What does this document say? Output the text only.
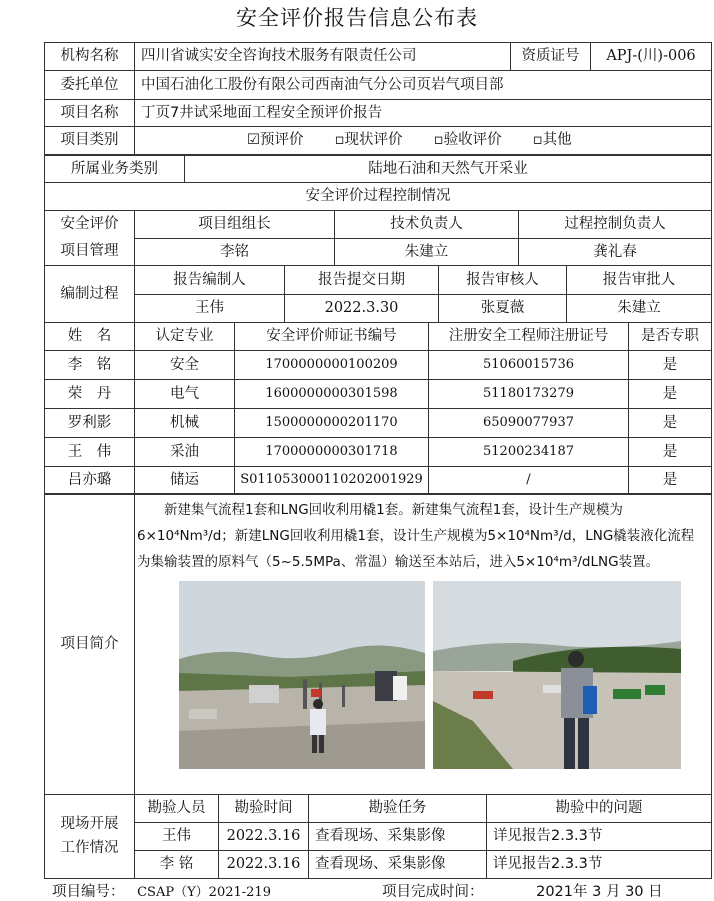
安全评价报告信息公布表
机构名称	四川省诚实安全咨询技术服务有限责任公司	资质证号	APJ-(川)-006
委托单位	中国石油化工股份有限公司西南油气分公司页岩气项目部		
项目名称	丁页7井试采地面工程安全预评价报告		
项目类别	☑预评价 ▫现状评价 ▫验收评价 ▫其他		
所属业务类别	陆地石油和天然气开采业
安全评价过程控制情况						
安全评价	项目组组长		技术负责人		过程控制负责人	
项目管理	李铭		朱建立		龚礼春	
编制过程	报告编制人	报告提交日期		报告审核人		报告审批人
	王伟	2022.3.30		张夏薇		朱建立
姓　名	认定专业	安全评价师证书编号	注册安全工程师注册证号	是否专职
李　铭	安全	1700000000100209	51060015736	是
荣　丹	电气	1600000000301598	51180173279	是
罗利影	机械	1500000000201170	65090077937	是
王　伟	采油	1700000000301718	51200234187	是
吕亦璐	储运	S011053000110202001929	/	是
项目简介	新建集气流程1套和LNG回收利用橇1套。新建集气流程1套，设计生产规模为6×10⁴Nm³/d；新建LNG回收利用橇1套，设计生产规模为5×10⁴Nm³/d，LNG橇装液化流程为集输装置的原料气（5~5.5MPa、常温）输送至本站后，进入5×10⁴m³/dLNG装置。			

现场开展
工作情况	勘验人员	勘验时间	勘验任务	勘验中的问题
	王伟	2022.3.16	查看现场、采集影像	详见报告2.3.3节
	李 铭	2022.3.16	查看现场、采集影像	详见报告2.3.3节
项目编号： CSAP（Y）2021-219	项目完成时间：	2021年 3 月 30 日
